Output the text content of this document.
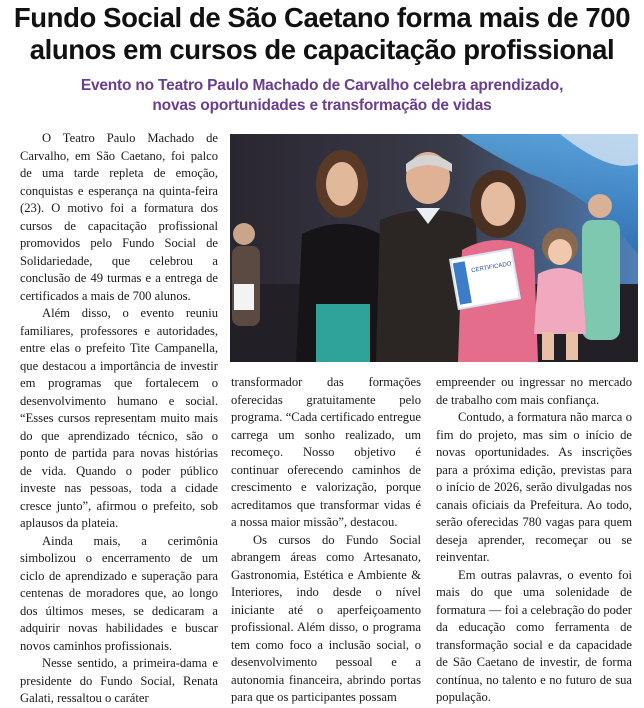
Fundo Social de São Caetano forma mais de 700
alunos em cursos de capacitação profissional
Evento no Teatro Paulo Machado de Carvalho celebra aprendizado,
novas oportunidades e transformação de vidas

O Teatro Paulo Machado de Carvalho, em São Caetano, foi palco de uma tarde repleta de emoção, conquistas e esperança na quinta-feira (23). O motivo foi a formatura dos cursos de capacitação profissional promovidos pelo Fundo Social de Solidariedade, que celebrou a conclusão de 49 turmas e a entrega de certificados a mais de 700 alunos.

Além disso, o evento reuniu familiares, professores e autoridades, entre elas o prefeito Tite Campanella, que destacou a importância de investir em programas que fortalecem o desenvolvimento humano e social. “Esses cursos representam muito mais do que aprendizado técnico, são o ponto de partida para novas histórias de vida. Quando o poder público investe nas pessoas, toda a cidade cresce junto”, afirmou o prefeito, sob aplausos da plateia.

Ainda mais, a cerimônia simbolizou o encerramento de um ciclo de aprendizado e superação para centenas de moradores que, ao longo dos últimos meses, se dedicaram a adquirir novas habilidades e buscar novos caminhos profissionais.

Nesse sentido, a primeira-dama e presidente do Fundo Social, Renata Galati, ressaltou o caráter

CERTIFICADO

transformador das formações oferecidas gratuitamente pelo programa. “Cada certificado entregue carrega um sonho realizado, um recomeço. Nosso objetivo é continuar oferecendo caminhos de crescimento e valorização, porque acreditamos que transformar vidas é a nossa maior missão”, destacou.

Os cursos do Fundo Social abrangem áreas como Artesanato, Gastronomia, Estética e Ambiente & Interiores, indo desde o nível iniciante até o aperfeiçoamento profissional. Além disso, o programa tem como foco a inclusão social, o desenvolvimento pessoal e a autonomia financeira, abrindo portas para que os participantes possam

empreender ou ingressar no mercado de trabalho com mais confiança.

Contudo, a formatura não marca o fim do projeto, mas sim o início de novas oportunidades. As inscrições para a próxima edição, previstas para o início de 2026, serão divulgadas nos canais oficiais da Prefeitura. Ao todo, serão oferecidas 780 vagas para quem deseja aprender, recomeçar ou se reinventar.

Em outras palavras, o evento foi mais do que uma solenidade de formatura — foi a celebração do poder da educação como ferramenta de transformação social e da capacidade de São Caetano de investir, de forma contínua, no talento e no futuro de sua população.
